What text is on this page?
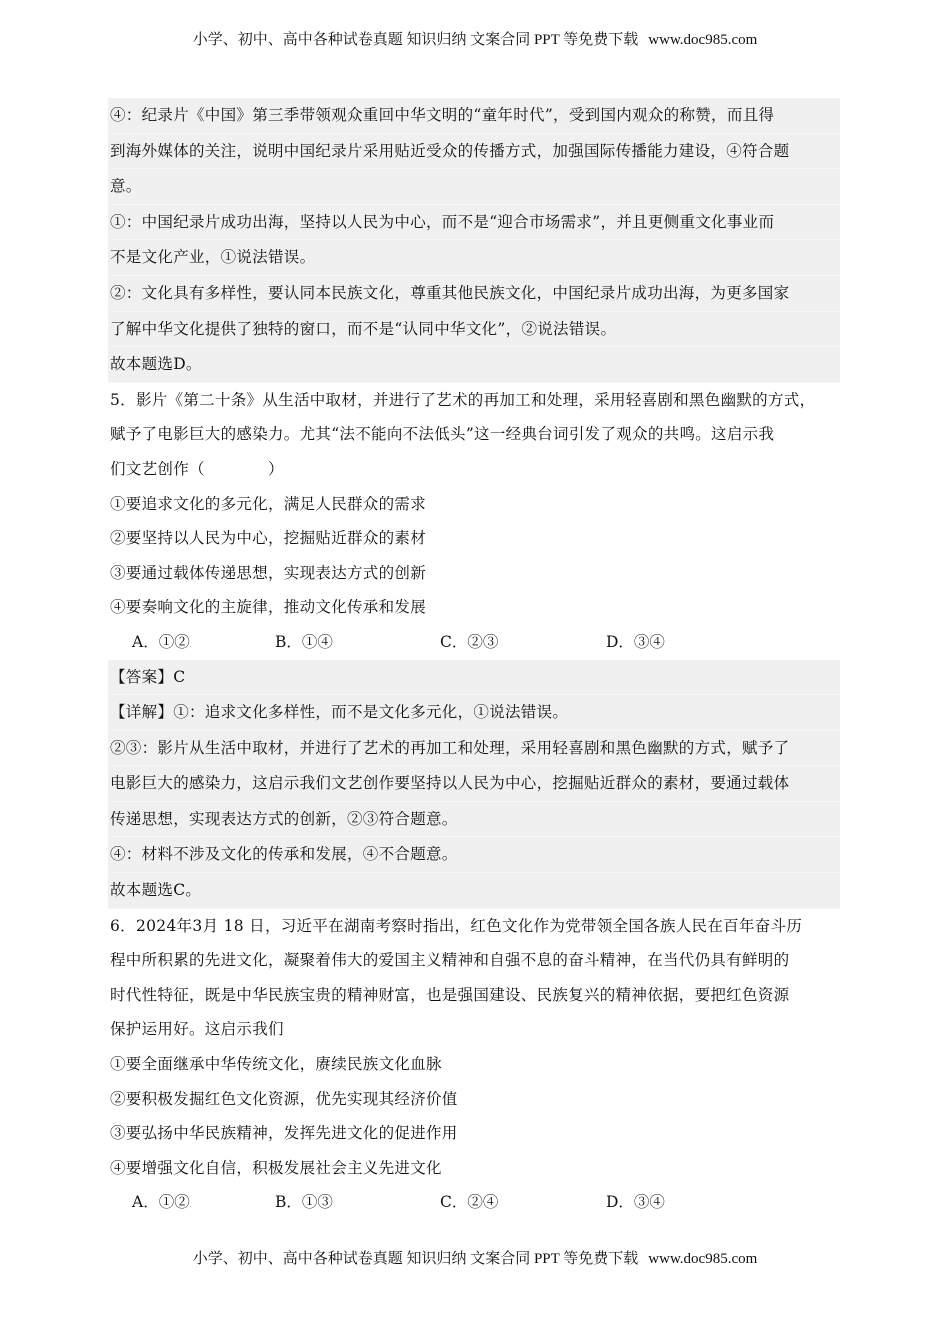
小学、初中、高中各种试卷真题 知识归纳 文案合同 PPT 等免费下载 www.doc985.com
④：纪录片《中国》第三季带领观众重回中华文明的“童年时代”，受到国内观众的称赞，而且得
到海外媒体的关注，说明中国纪录片采用贴近受众的传播方式，加强国际传播能力建设，④符合题
意。
①：中国纪录片成功出海，坚持以人民为中心，而不是“迎合市场需求”，并且更侧重文化事业而
不是文化产业，①说法错误。
②：文化具有多样性，要认同本民族文化，尊重其他民族文化，中国纪录片成功出海，为更多国家
了解中华文化提供了独特的窗口，而不是“认同中华文化”，②说法错误。
故本题选D。
5．影片《第二十条》从生活中取材，并进行了艺术的再加工和处理，采用轻喜剧和黑色幽默的方式，
赋予了电影巨大的感染力。尤其“法不能向不法低头”这一经典台词引发了观众的共鸣。这启示我
们文艺创作（　　　　）
①要追求文化的多元化，满足人民群众的需求
②要坚持以人民为中心，挖掘贴近群众的素材
③要通过载体传递思想，实现表达方式的创新
④要奏响文化的主旋律，推动文化传承和发展
A．①②	B．①④	C．②③	D．③④
【答案】C
【详解】①：追求文化多样性，而不是文化多元化，①说法错误。
②③：影片从生活中取材，并进行了艺术的再加工和处理，采用轻喜剧和黑色幽默的方式，赋予了
电影巨大的感染力，这启示我们文艺创作要坚持以人民为中心，挖掘贴近群众的素材，要通过载体
传递思想，实现表达方式的创新，②③符合题意。
④：材料不涉及文化的传承和发展，④不合题意。
故本题选C。
6．2024年3月 18 日，习近平在湖南考察时指出，红色文化作为党带领全国各族人民在百年奋斗历
程中所积累的先进文化，凝聚着伟大的爱国主义精神和自强不息的奋斗精神，在当代仍具有鲜明的
时代性特征，既是中华民族宝贵的精神财富，也是强国建设、民族复兴的精神依据，要把红色资源
保护运用好。这启示我们
①要全面继承中华传统文化，赓续民族文化血脉
②要积极发掘红色文化资源，优先实现其经济价值
③要弘扬中华民族精神，发挥先进文化的促进作用
④要增强文化自信，积极发展社会主义先进文化
A．①②	B．①③	C．②④	D．③④
小学、初中、高中各种试卷真题 知识归纳 文案合同 PPT 等免费下载 www.doc985.com
